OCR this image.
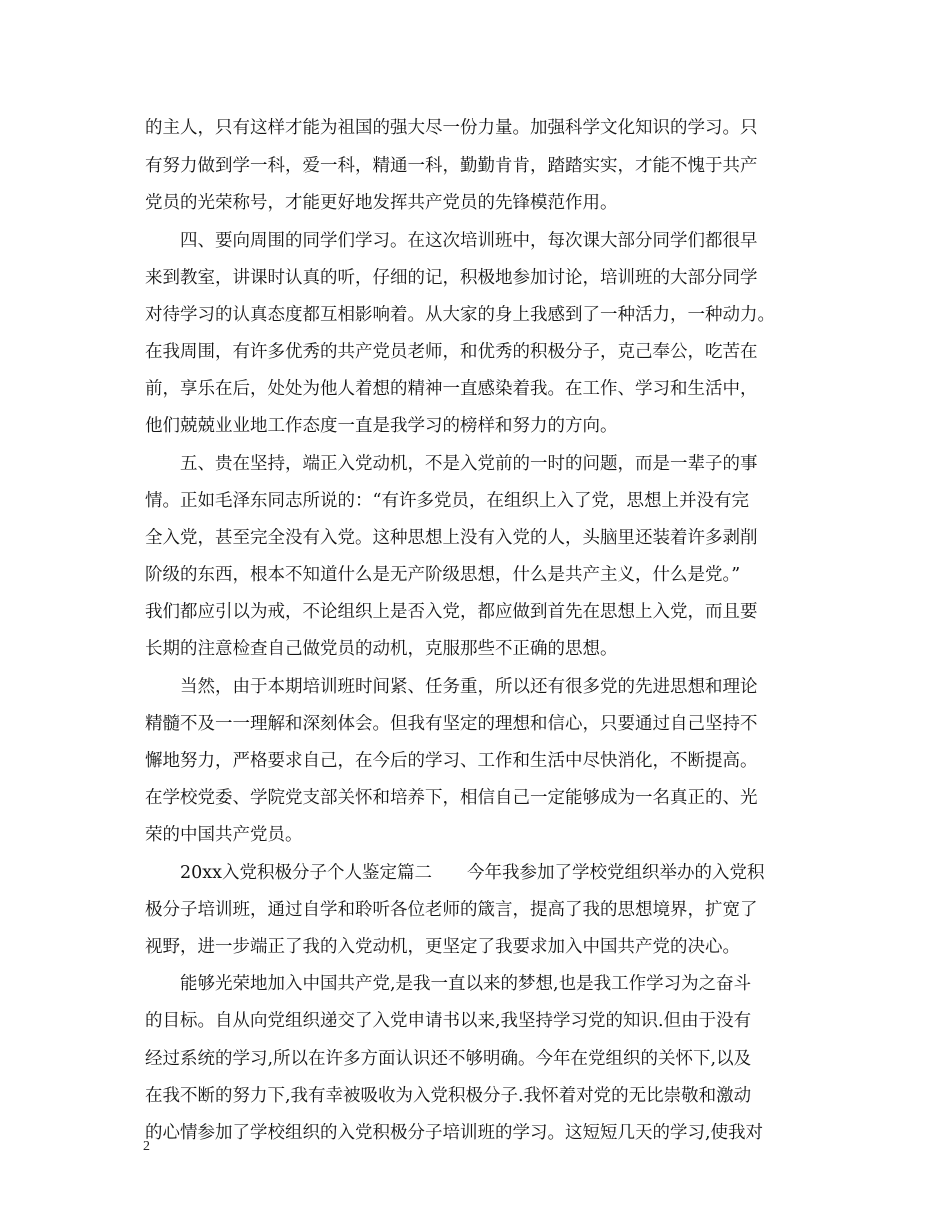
的主人，只有这样才能为祖国的强大尽一份力量。加强科学文化知识的学习。只

有努力做到学一科，爱一科，精通一科，勤勤肯肯，踏踏实实，才能不愧于共产

党员的光荣称号，才能更好地发挥共产党员的先锋模范作用。

四、要向周围的同学们学习。在这次培训班中，每次课大部分同学们都很早

来到教室，讲课时认真的听，仔细的记，积极地参加讨论，培训班的大部分同学

对待学习的认真态度都互相影响着。从大家的身上我感到了一种活力，一种动力。

在我周围，有许多优秀的共产党员老师，和优秀的积极分子，克己奉公，吃苦在

前，享乐在后，处处为他人着想的精神一直感染着我。在工作、学习和生活中，

他们兢兢业业地工作态度一直是我学习的榜样和努力的方向。

五、贵在坚持，端正入党动机，不是入党前的一时的问题，而是一辈子的事

情。正如毛泽东同志所说的：“有许多党员，在组织上入了党，思想上并没有完

全入党，甚至完全没有入党。这种思想上没有入党的人，头脑里还装着许多剥削

阶级的东西，根本不知道什么是无产阶级思想，什么是共产主义，什么是党。”

我们都应引以为戒，不论组织上是否入党，都应做到首先在思想上入党，而且要

长期的注意检查自己做党员的动机，克服那些不正确的思想。

当然，由于本期培训班时间紧、任务重，所以还有很多党的先进思想和理论

精髓不及一一理解和深刻体会。但我有坚定的理想和信心，只要通过自己坚持不

懈地努力，严格要求自己，在今后的学习、工作和生活中尽快消化，不断提高。

在学校党委、学院党支部关怀和培养下，相信自己一定能够成为一名真正的、光

荣的中国共产党员。

20xx入党积极分子个人鉴定篇二　　今年我参加了学校党组织举办的入党积

极分子培训班，通过自学和聆听各位老师的箴言，提高了我的思想境界，扩宽了

视野，进一步端正了我的入党动机，更坚定了我要求加入中国共产党的决心。

能够光荣地加入中国共产党,是我一直以来的梦想,也是我工作学习为之奋斗

的目标。自从向党组织递交了入党申请书以来,我坚持学习党的知识.但由于没有

经过系统的学习,所以在许多方面认识还不够明确。今年在党组织的关怀下,以及

在我不断的努力下,我有幸被吸收为入党积极分子.我怀着对党的无比崇敬和激动

的心情参加了学校组织的入党积极分子培训班的学习。这短短几天的学习,使我对

2
